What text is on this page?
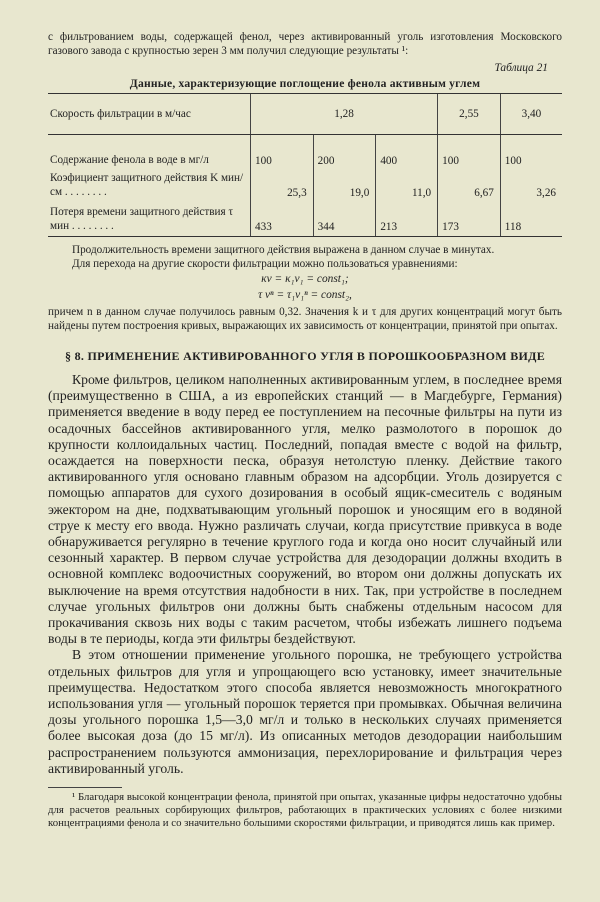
с фильтрованием воды, содержащей фенол, через активированный уголь изготовления Московского газового завода с крупностью зерен 3 мм получил следующие результаты ¹:

Таблица 21

Данные, характеризующие поглощение фенола активным углем

Скорость фильтрации в м/час	1,28			2,55	3,40
Содержание фенола в воде в мг/л	100	200	400	100	100
Коэфициент защитного действия K мин/см . . . . . . . .	25,3	19,0	11,0	6,67	3,26
Потеря времени защитного действия τ мин . . . . . . . .	433	344	213	173	118

Продолжительность времени защитного действия выражена в данном случае в минутах.

Для перехода на другие скорости фильтрации можно пользоваться уравнениями:

кv = κ₁v₁ = const₁;

τ vⁿ = τ₁v₁ⁿ = const₂,

причем n в данном случае получилось равным 0,32. Значения k и τ для других концентраций могут быть найдены путем построения кривых, выражающих их зависимость от концентрации, принятой при опытах.

§ 8. ПРИМЕНЕНИЕ АКТИВИРОВАННОГО УГЛЯ В ПОРОШКООБРАЗНОМ ВИДЕ

Кроме фильтров, целиком наполненных активированным углем, в последнее время (преимущественно в США, а из европейских станций — в Магдебурге, Германия) применяется введение в воду перед ее поступлением на песочные фильтры на пути из осадочных бассейнов активированного угля, мелко размолотого в порошок до крупности коллоидальных частиц. Последний, попадая вместе с водой на фильтр, осаждается на поверхности песка, образуя нетолстую пленку. Действие такого активированного угля основано главным образом на адсорбции. Уголь дозируется с помощью аппаратов для сухого дозирования в особый ящик-смеситель с водяным эжектором на дне, подхватывающим угольный порошок и уносящим его в водяной струе к месту его ввода. Нужно различать случаи, когда присутствие привкуса в воде обнаруживается регулярно в течение круглого года и когда оно носит случайный или сезонный характер. В первом случае устройства для дезодорации должны входить в основной комплекс водоочистных сооружений, во втором они должны допускать их выключение на время отсутствия надобности в них. Так, при устройстве в последнем случае угольных фильтров они должны быть снабжены отдельным насосом для прокачивания сквозь них воды с таким расчетом, чтобы избежать лишнего подъема воды в те периоды, когда эти фильтры бездействуют.

В этом отношении применение угольного порошка, не требующего устройства отдельных фильтров для угля и упрощающего всю установку, имеет значительные преимущества. Недостатком этого способа является невозможность многократного использования угля — угольный порошок теряется при промывках. Обычная величина дозы угольного порошка 1,5—3,0 мг/л и только в нескольких случаях применяется более высокая доза (до 15 мг/л). Из описанных методов дезодорации наибольшим распространением пользуются аммонизация, перехлорирование и фильтрация через активированный уголь.

¹ Благодаря высокой концентрации фенола, принятой при опытах, указанные цифры недостаточно удобны для расчетов реальных сорбирующих фильтров, работающих в практических условиях с более низкими концентрациями фенола и со значительно большими скоростями фильтрации, и приводятся лишь как пример.
